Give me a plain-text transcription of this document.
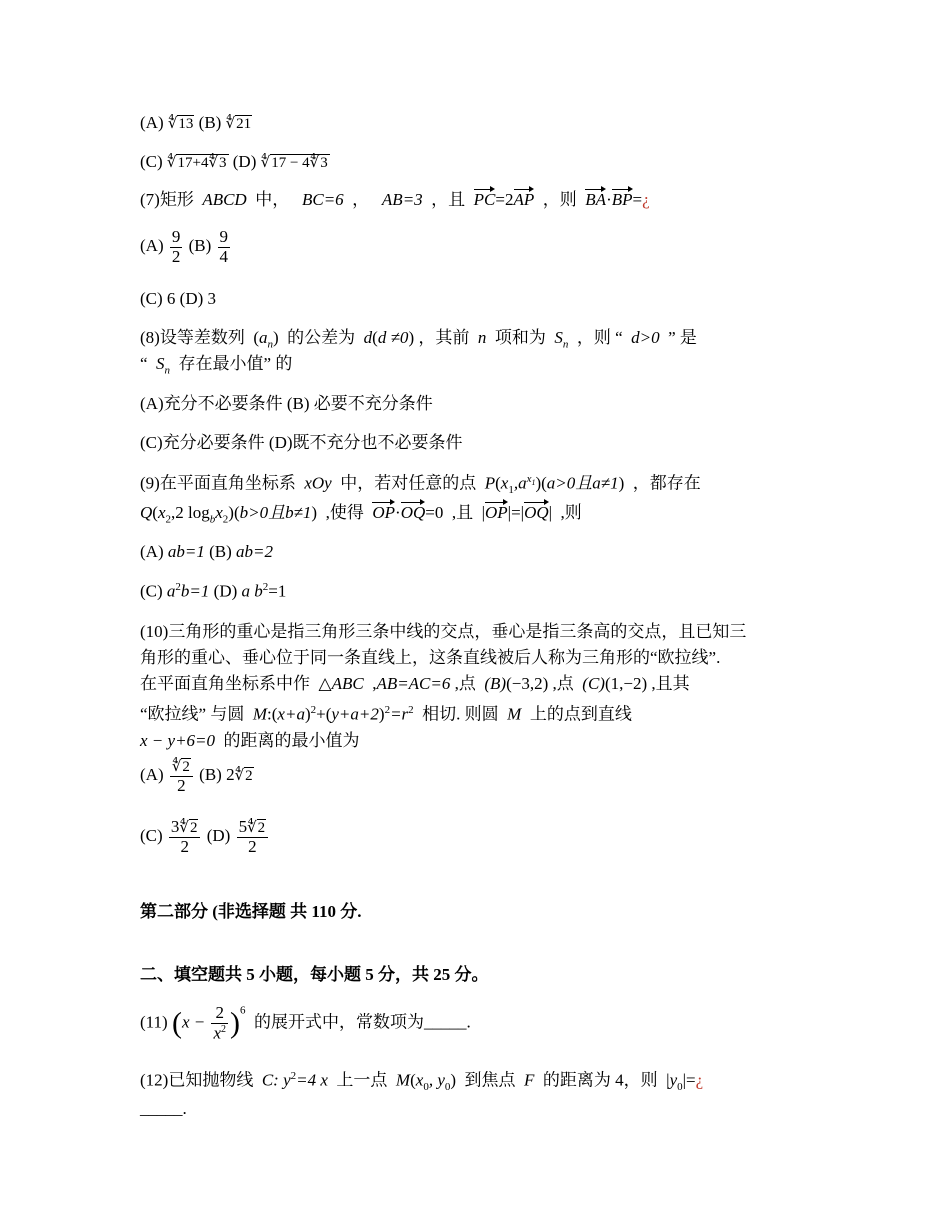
(A) ∜13 (B) ∜21
(C) ∜17+4∜3 (D) ∜17 − 4∜3
(7)矩形 ABCD 中， BC=6 ， AB=3 ，且 PC=2AP ，则 BA·BP=¿
$(A) \frac{9}{2} (B) \frac{9}{4}$
(C) 6 (D) 3
(8)设等差数列  $(a_n)$  的公差为 d(d ≠0) ，其前 n 项和为 $S_n$ ，则 “ d>0 ” 是
“ $S_n$ 存在最小值” 的
(A)充分不必要条件 (B) 必要不充分条件
(C)充分必要条件 (D)既不充分也不必要条件
(9)在平面直角坐标系 xOy 中，若对任意的点 $P(x_1,a^{x_1})(a>0$且a≠1)  ，都存在
$Q(x_2,2$ $\log_bx_2)(b>0$且b≠1)  ,使得 OP·OQ=0 ,且  |OP|=|OQ|  ,则
(A) ab=1 (B) ab=2
(C) $a^2b=1$ (D) a $b^2=1$
(10)三角形的重心是指三角形三条中线的交点，垂心是指三条高的交点，且已知三
角形的重心、垂心位于同一条直线上，这条直线被后人称为三角形的“欧拉线”.
在平面直角坐标系中作 △ABC ,AB=AC=6 ,点 (B)(−3,2) ,点 (C)(1,−2) ,且其
“欧拉线” 与圆 $M:(x+a)^2+(y+a+2)^2=r^2$ 相切. 则圆 M 上的点到直线
x − y+6=0 的距离的最小值为
$(A) \frac{∜2}{2} (B)$ 2∜2
$(C) \frac{3∜2}{2} (D) \frac{5∜2}{2}$
第二部分 (非选择题 共 110 分.
二、填空题共 5 小题，每小题 5 分，共 25 分。
(11) $(x - \frac{2}{x^2} )^6$  的展开式中，常数项为_____.
(12)已知抛物线 C: $y^2=4$ x 上一点 $M(x_0$, $y_0$)  到焦点 F 的距离为 4，则  $|y_0|=¿$
_____.
